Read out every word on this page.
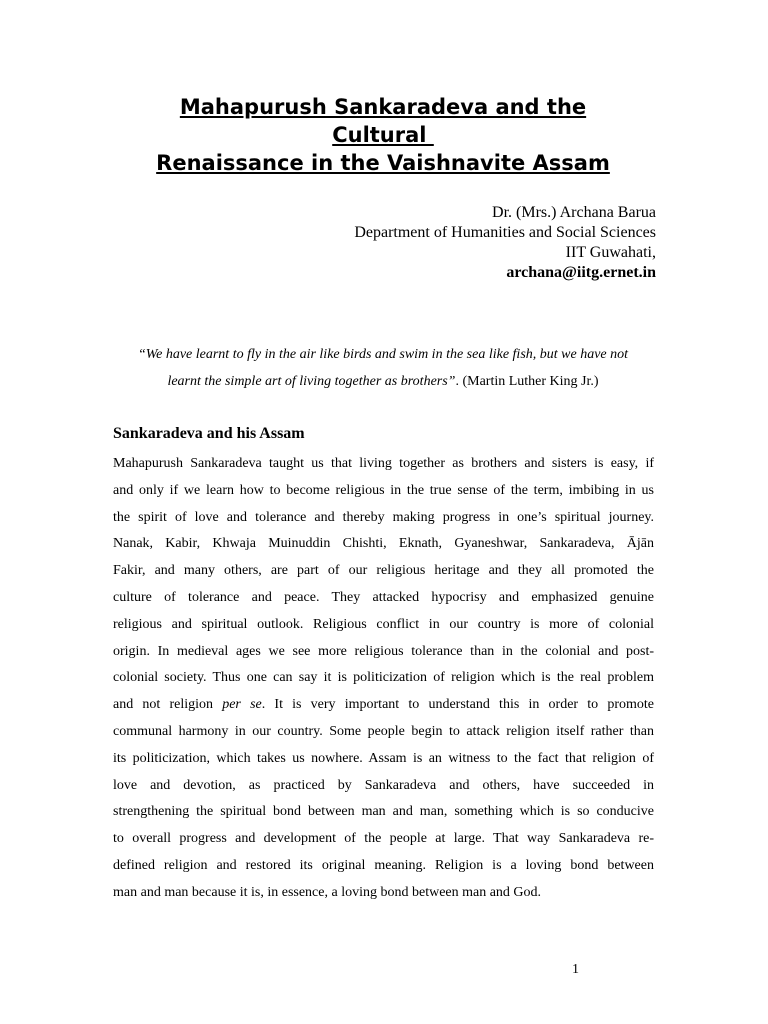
Mahapurush Sankaradeva and the
Cultural
Renaissance in the Vaishnavite Assam
Dr. (Mrs.) Archana Barua
Department of Humanities and Social Sciences
IIT Guwahati,
archana@iitg.ernet.in
“We have learnt to fly in the air like birds and swim in the sea like fish, but we have not
learnt the simple art of living together as brothers”. (Martin Luther King Jr.)
Sankaradeva and his Assam
Mahapurush Sankaradeva taught us that living together as brothers and sisters is easy, if
and only if we learn how to become religious in the true sense of the term, imbibing in us
the spirit of love and tolerance and thereby making progress in one’s spiritual journey.
Nanak, Kabir, Khwaja Muinuddin Chishti, Eknath, Gyaneshwar, Sankaradeva, Ājān
Fakir, and many others, are part of our religious heritage and they all promoted the
culture of tolerance and peace. They attacked hypocrisy and emphasized genuine
religious and spiritual outlook. Religious conflict in our country is more of colonial
origin. In medieval ages we see more religious tolerance than in the colonial and post-
colonial society. Thus one can say it is politicization of religion which is the real problem
and not religion per se. It is very important to understand this in order to promote
communal harmony in our country. Some people begin to attack religion itself rather than
its politicization, which takes us nowhere. Assam is an witness to the fact that religion of
love and devotion, as practiced by Sankaradeva and others, have succeeded in
strengthening the spiritual bond between man and man, something which is so conducive
to overall progress and development of the people at large. That way Sankaradeva re-
defined religion and restored its original meaning. Religion is a loving bond between
man and man because it is, in essence, a loving bond between man and God.
1
